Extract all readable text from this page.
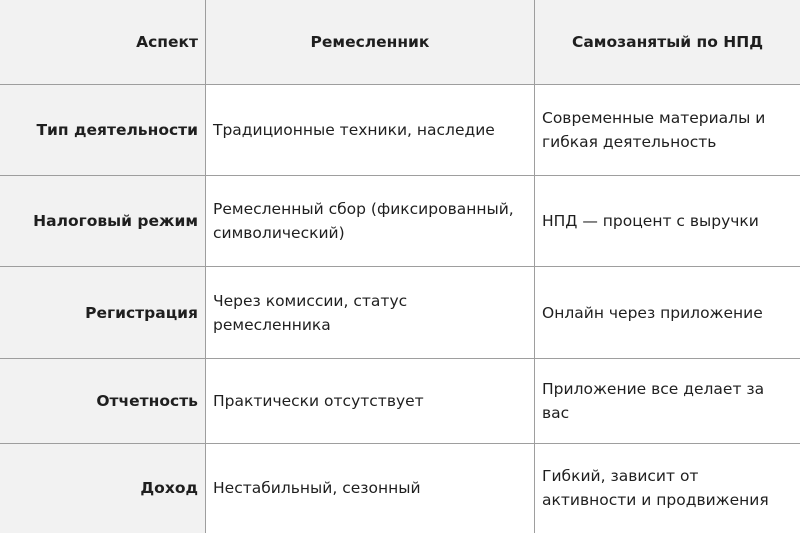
Аспект	Ремесленник	Самозанятый по НПД
Тип деятельности	Традиционные техники, наследие	Современные материалы и гибкая деятельность
Налоговый режим	Ремесленный сбор (фиксированный, символический)	НПД — процент с выручки
Регистрация	Через комиссии, статус ремесленника	Онлайн через приложение
Отчетность	Практически отсутствует	Приложение все делает за вас
Доход	Нестабильный, сезонный	Гибкий, зависит от активности и продвижения
